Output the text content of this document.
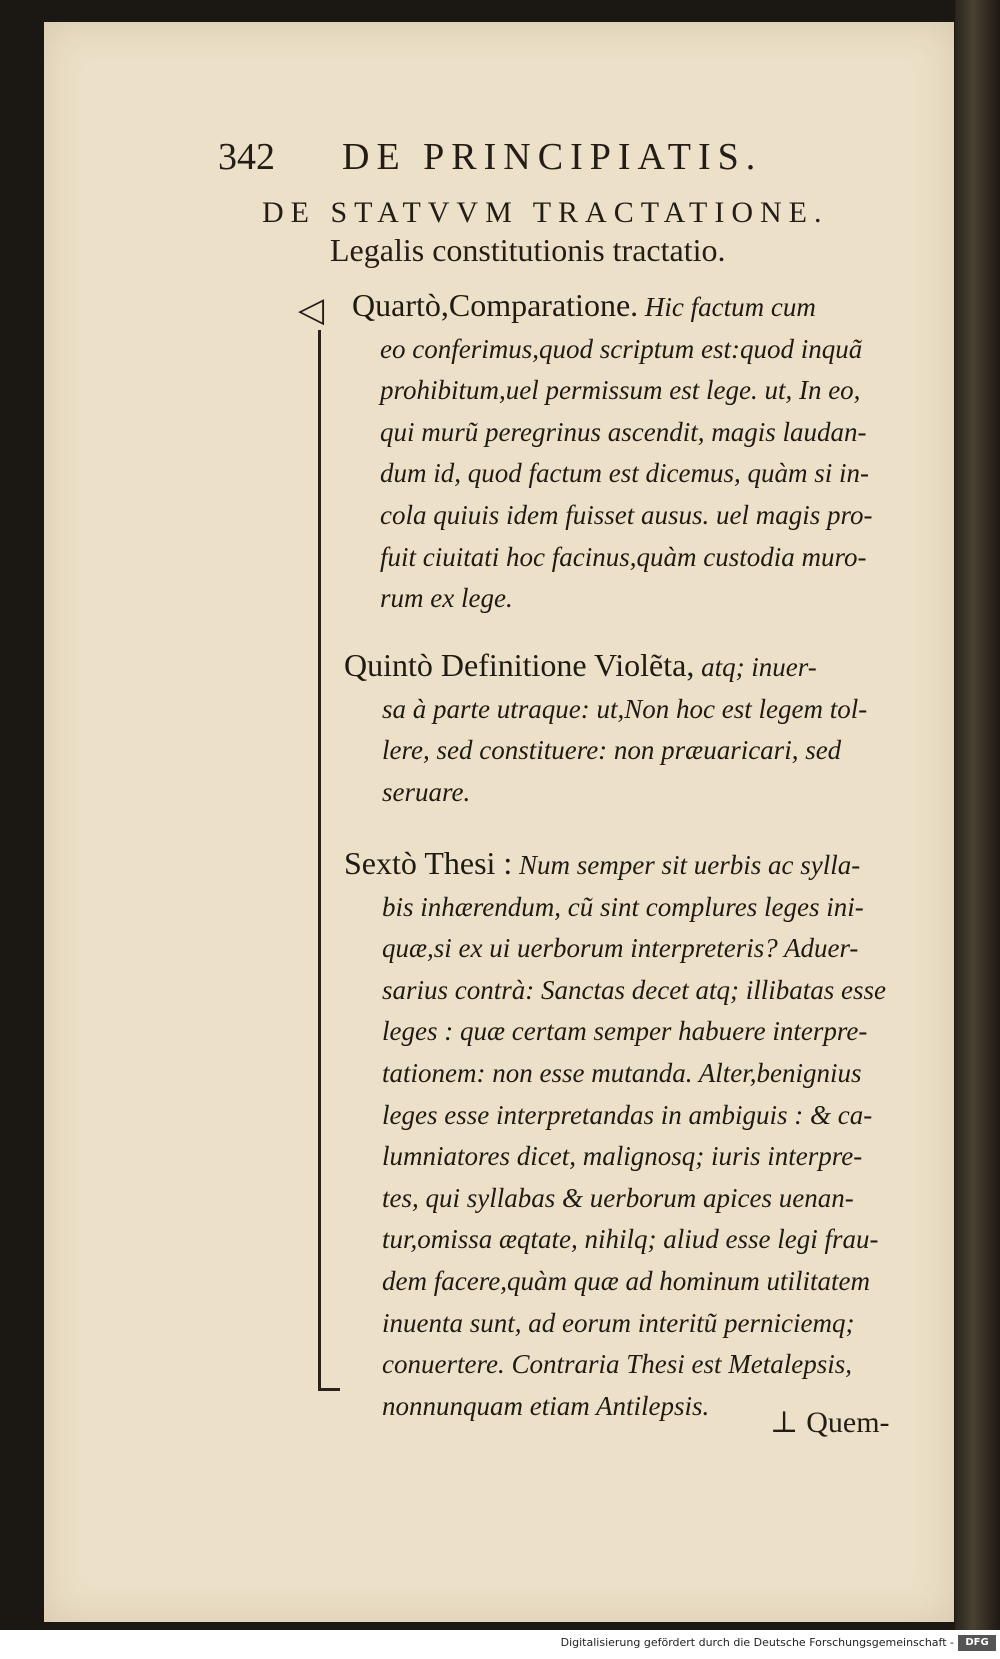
342 DE PRINCIPIATIS.
DE STATVVM TRACTATIONE.
Legalis constitutionis tractatio.
◁ Quartò,Comparatione. Hic factum cum
eo conferimus,quod scriptum est:quod inquã
prohibitum,uel permissum est lege. ut, In eo,
qui murũ peregrinus ascendit, magis laudan-
dum id, quod factum est dicemus, quàm si in-
cola quiuis idem fuisset ausus. uel magis pro-
fuit ciuitati hoc facinus,quàm custodia muro-
rum ex lege.
Quintò Definitione Violẽta, atq; inuer-
sa à parte utraque: ut,Non hoc est legem tol-
lere, sed constituere: non præuaricari, sed
seruare.
Sextò Thesi : Num semper sit uerbis ac sylla-
bis inhærendum, cũ sint complures leges ini-
quæ,si ex ui uerborum interpreteris? Aduer-
sarius contrà: Sanctas decet atq; illibatas esse
leges : quæ certam semper habuere interpre-
tationem: non esse mutanda. Alter,benignius
leges esse interpretandas in ambiguis : & ca-
lumniatores dicet, malignosq; iuris interpre-
tes, qui syllabas & uerborum apices uenan-
tur,omissa æqtate, nihilq; aliud esse legi frau-
dem facere,quàm quæ ad hominum utilitatem
inuenta sunt, ad eorum interitũ perniciemq;
conuertere. Contraria Thesi est Metalepsis,
nonnunquam etiam Antilepsis.
⊥ Quem-
Digitalisierung gefördert durch die Deutsche Forschungsgemeinschaft -	DFG
